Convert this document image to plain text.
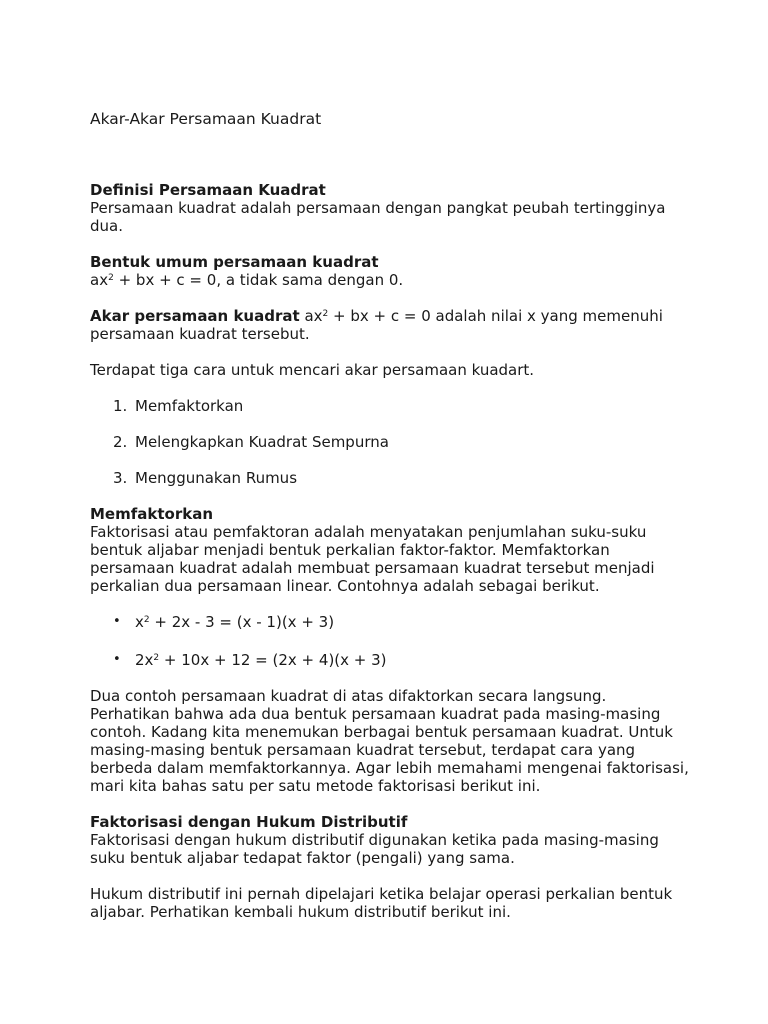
Akar-Akar Persamaan Kuadrat

Definisi Persamaan Kuadrat

Persamaan kuadrat adalah persamaan dengan pangkat peubah tertingginya dua.

Bentuk umum persamaan kuadrat

$ax^2$ + bx + c = 0, a tidak sama dengan 0.

Akar persamaan kuadrat $ax^2$ + bx + c = 0 adalah nilai x yang memenuhi persamaan kuadrat tersebut.

Terdapat tiga cara untuk mencari akar persamaan kuadart.

1. Memfaktorkan
2. Melengkapkan Kuadrat Sempurna
3. Menggunakan Rumus

Memfaktorkan

Faktorisasi atau pemfaktoran adalah menyatakan penjumlahan suku-suku bentuk aljabar menjadi bentuk perkalian faktor-faktor. Memfaktorkan persamaan kuadrat adalah membuat persamaan kuadrat tersebut menjadi perkalian dua persamaan linear. Contohnya adalah sebagai berikut.

• $x^2 + 2x - 3 = (x - 1)(x + 3)$
• $2x^2 + 10x + 12 = (2x + 4)(x + 3)$

Dua contoh persamaan kuadrat di atas difaktorkan secara langsung. Perhatikan bahwa ada dua bentuk persamaan kuadrat pada masing-masing contoh. Kadang kita menemukan berbagai bentuk persamaan kuadrat. Untuk masing-masing bentuk persamaan kuadrat tersebut, terdapat cara yang berbeda dalam memfaktorkannya. Agar lebih memahami mengenai faktorisasi, mari kita bahas satu per satu metode faktorisasi berikut ini.

Faktorisasi dengan Hukum Distributif

Faktorisasi dengan hukum distributif digunakan ketika pada masing-masing suku bentuk aljabar tedapat faktor (pengali) yang sama.

Hukum distributif ini pernah dipelajari ketika belajar operasi perkalian bentuk aljabar. Perhatikan kembali hukum distributif berikut ini.
